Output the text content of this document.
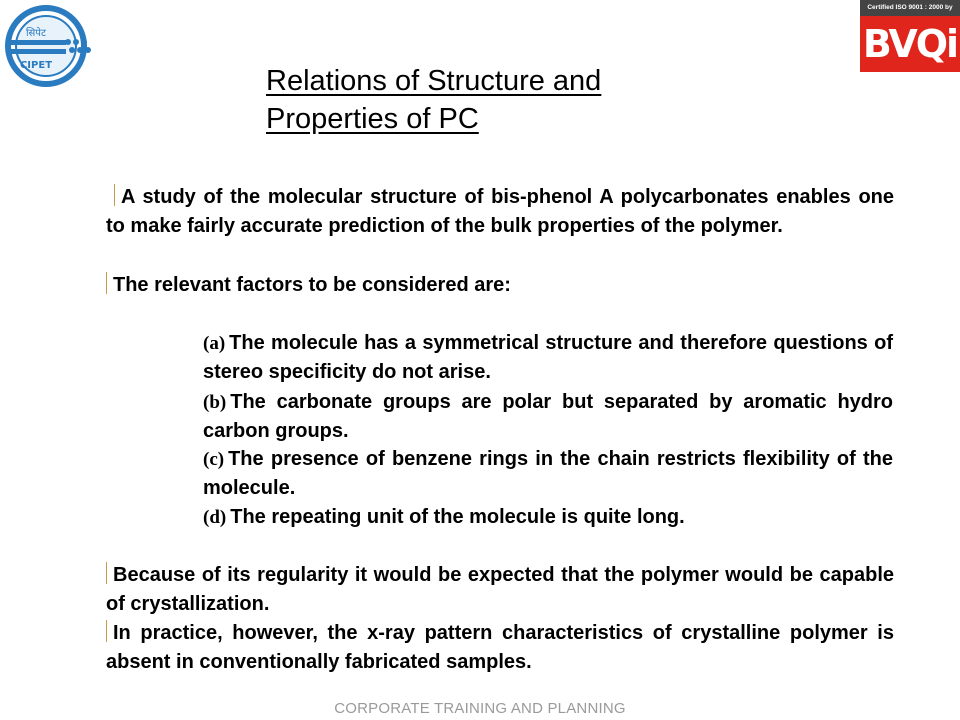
सिपेट
CIPET
Certified ISO 9001 : 2000 by
BVQi
Relations of Structure and
Properties of PC
A study of the molecular structure of bis-phenol A polycarbonates enables one to make fairly accurate prediction of the bulk properties of the polymer.
The relevant factors to be considered are:
(a) The molecule has a symmetrical structure and therefore questions of stereo specificity do not arise.
(b) The carbonate groups are polar but separated by aromatic hydro carbon groups.
(c) The presence of benzene rings in the chain restricts flexibility of the molecule.
(d) The repeating unit of the molecule is quite long.
Because of its regularity it would be expected that the polymer would be capable of crystallization.
In practice, however, the x-ray pattern characteristics of crystalline polymer is absent in conventionally fabricated samples.
CORPORATE TRAINING AND PLANNING
